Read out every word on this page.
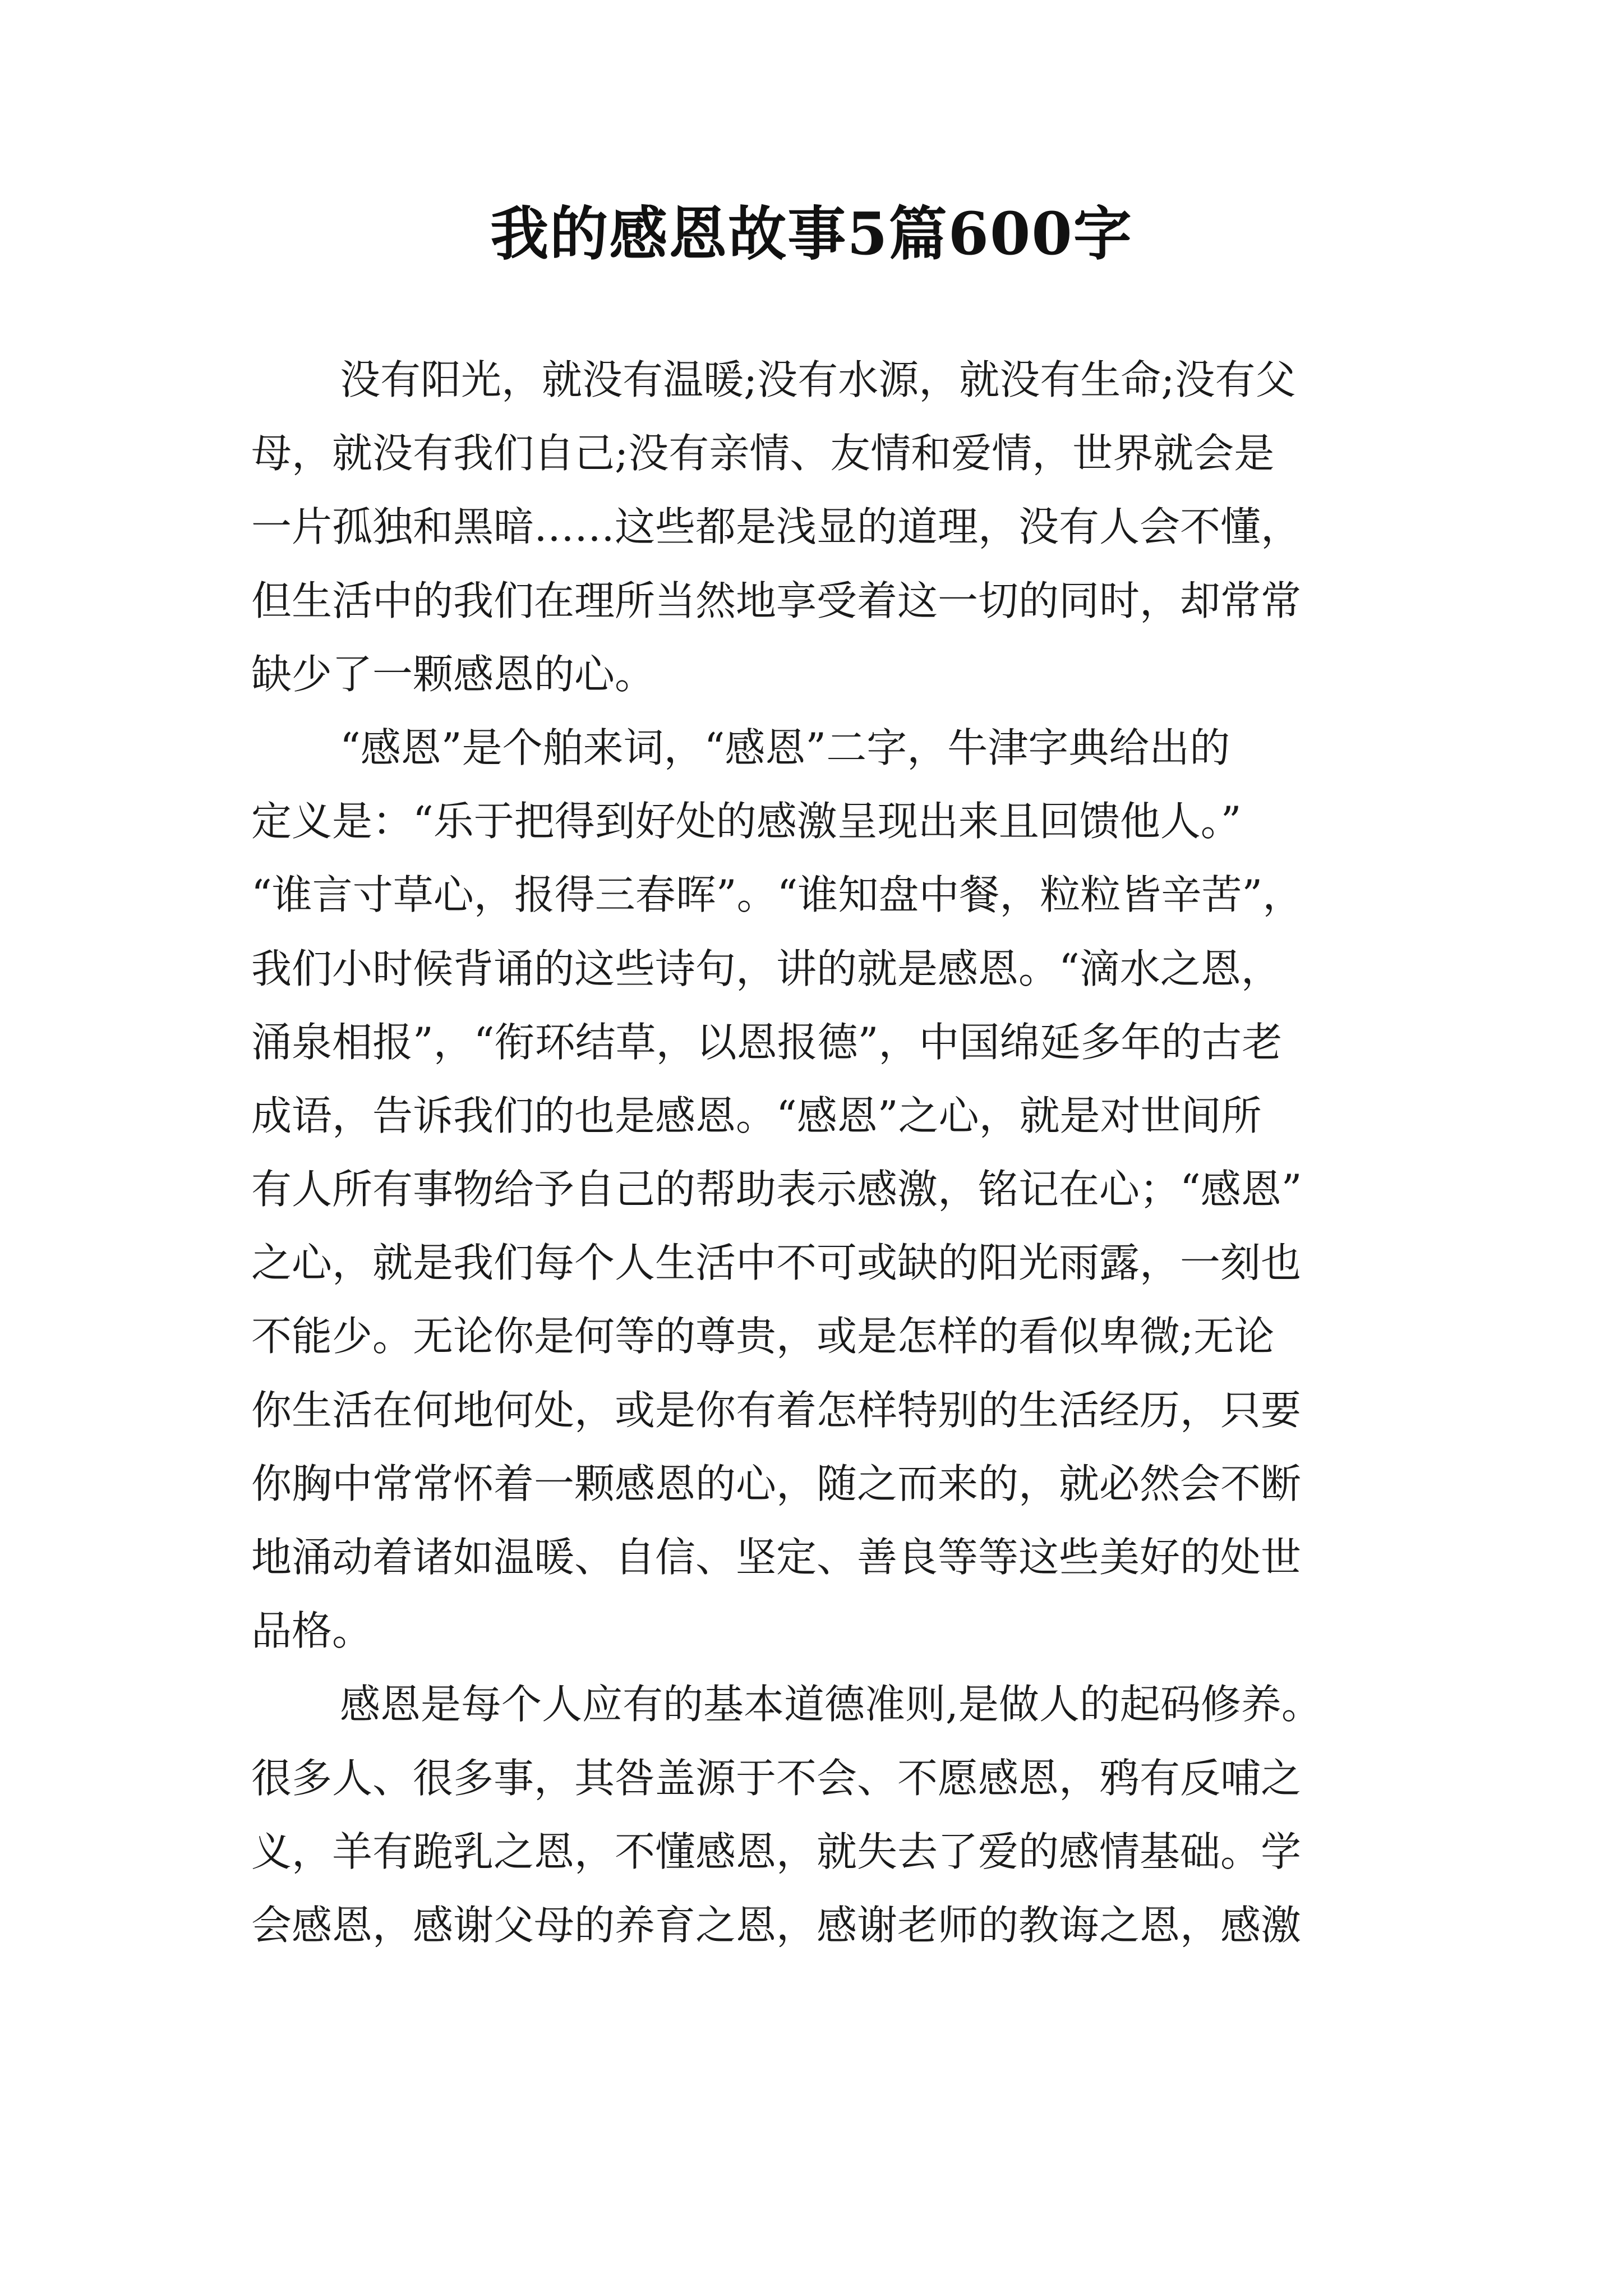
我的感恩故事5篇600字
没有阳光，就没有温暖;没有水源，就没有生命;没有父
母，就没有我们自己;没有亲情、友情和爱情，世界就会是
一片孤独和黑暗……这些都是浅显的道理，没有人会不懂，
但生活中的我们在理所当然地享受着这一切的同时，却常常
缺少了一颗感恩的心。
“感恩”是个舶来词，“感恩”二字，牛津字典给出的
定义是：“乐于把得到好处的感激呈现出来且回馈他人。”
“谁言寸草心，报得三春晖”。“谁知盘中餐，粒粒皆辛苦”，
我们小时候背诵的这些诗句，讲的就是感恩。“滴水之恩，
涌泉相报”，“衔环结草，以恩报德”，中国绵延多年的古老
成语，告诉我们的也是感恩。“感恩”之心，就是对世间所
有人所有事物给予自己的帮助表示感激，铭记在心；“感恩”
之心，就是我们每个人生活中不可或缺的阳光雨露，一刻也
不能少。无论你是何等的尊贵，或是怎样的看似卑微;无论
你生活在何地何处，或是你有着怎样特别的生活经历，只要
你胸中常常怀着一颗感恩的心，随之而来的，就必然会不断
地涌动着诸如温暖、自信、坚定、善良等等这些美好的处世
品格。
感恩是每个人应有的基本道德准则,是做人的起码修养。
很多人、很多事，其咎盖源于不会、不愿感恩，鸦有反哺之
义，羊有跪乳之恩，不懂感恩，就失去了爱的感情基础。学
会感恩，感谢父母的养育之恩，感谢老师的教诲之恩，感激
